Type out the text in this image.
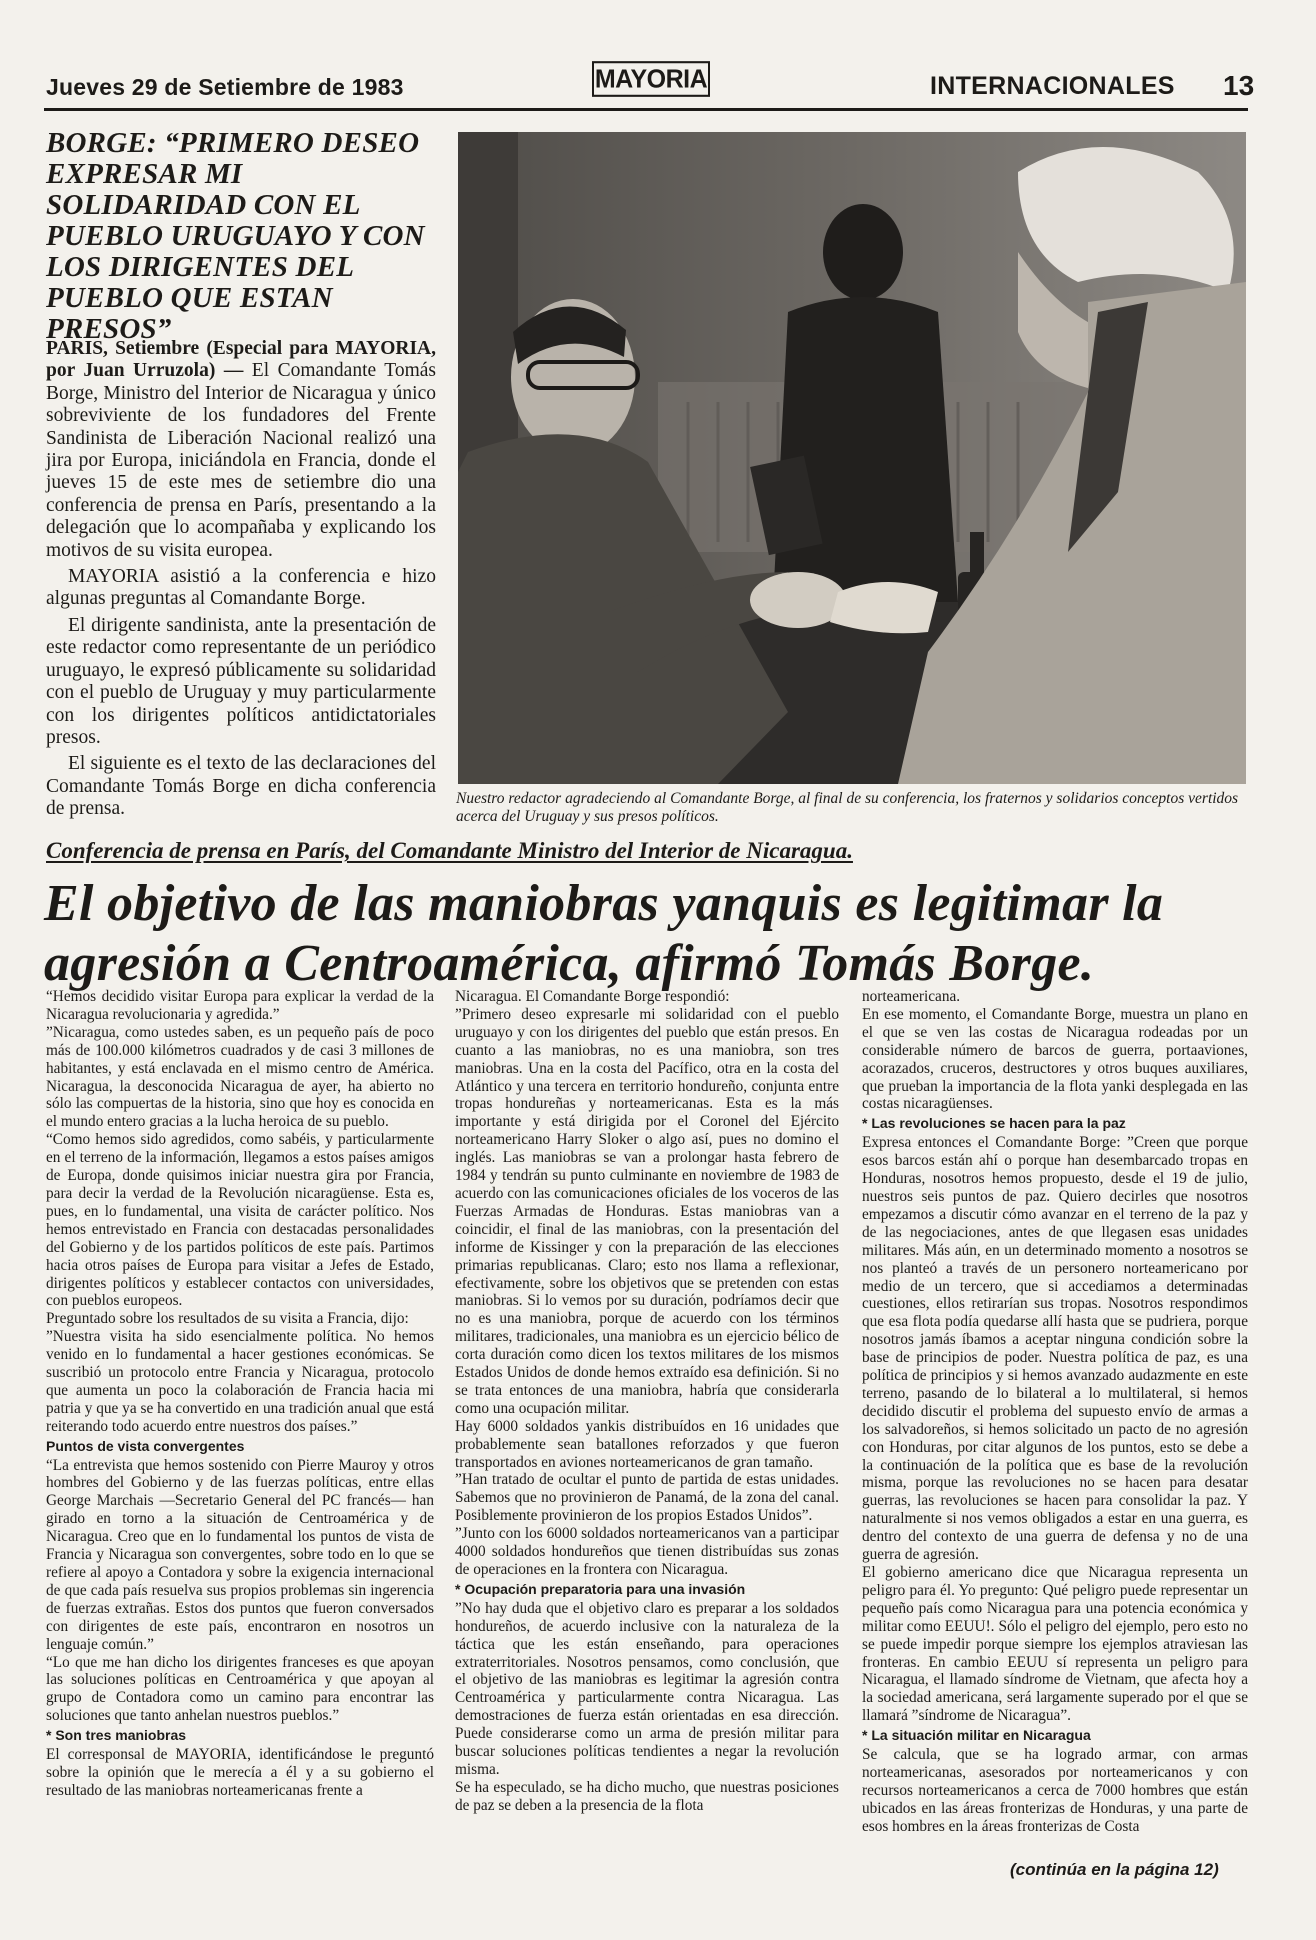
Jueves 29 de Setiembre de 1983	MAYORIA	INTERNACIONALES 13
BORGE: “PRIMERO DESEO EXPRESAR MI SOLIDARIDAD CON EL PUEBLO URUGUAYO Y CON LOS DIRIGENTES DEL PUEBLO QUE ESTAN PRESOS”

PARIS, Setiembre (Especial para MAYORIA, por Juan Urruzola) — El Comandante Tomás Borge, Ministro del Interior de Nicaragua y único sobreviviente de los fundadores del Frente Sandinista de Liberación Nacional realizó una jira por Europa, iniciándola en Francia, donde el jueves 15 de este mes de setiembre dio una conferencia de prensa en París, presentando a la delegación que lo acompañaba y explicando los motivos de su visita europea.

MAYORIA asistió a la conferencia e hizo algunas preguntas al Comandante Borge.

El dirigente sandinista, ante la presentación de este redactor como representante de un periódico uruguayo, le expresó públicamente su solidaridad con el pueblo de Uruguay y muy particularmente con los dirigentes políticos antidictatoriales presos.

El siguiente es el texto de las declaraciones del Comandante Tomás Borge en dicha conferencia de prensa.	Nuestro redactor agradeciendo al Comandante Borge, al final de su conferencia, los fraternos y solidarios conceptos vertidos acerca del Uruguay y sus presos políticos.
Conferencia de prensa en París, del Comandante Ministro del Interior de Nicaragua.
El objetivo de las maniobras yanquis es legitimar la agresión a Centroamérica, afirmó Tomás Borge.

“Hemos decidido visitar Europa para explicar la verdad de la Nicaragua revolucionaria y agredida.”

”Nicaragua, como ustedes saben, es un pequeño país de poco más de 100.000 kilómetros cuadrados y de casi 3 millones de habitantes, y está enclavada en el mismo centro de América. Nicaragua, la desconocida Nicaragua de ayer, ha abierto no sólo las compuertas de la historia, sino que hoy es conocida en el mundo entero gracias a la lucha heroica de su pueblo.

“Como hemos sido agredidos, como sabéis, y particularmente en el terreno de la información, llegamos a estos países amigos de Europa, donde quisimos iniciar nuestra gira por Francia, para decir la verdad de la Revolución nicaragüense. Esta es, pues, en lo fundamental, una visita de carácter político. Nos hemos entrevistado en Francia con destacadas personalidades del Gobierno y de los partidos políticos de este país. Partimos hacia otros países de Europa para visitar a Jefes de Estado, dirigentes políticos y establecer contactos con universidades, con pueblos europeos.

Preguntado sobre los resultados de su visita a Francia, dijo:

”Nuestra visita ha sido esencialmente política. No hemos venido en lo fundamental a hacer gestiones económicas. Se suscribió un protocolo entre Francia y Nicaragua, protocolo que aumenta un poco la colaboración de Francia hacia mi patria y que ya se ha convertido en una tradición anual que está reiterando todo acuerdo entre nuestros dos países.”

Puntos de vista convergentes

“La entrevista que hemos sostenido con Pierre Mauroy y otros hombres del Gobierno y de las fuerzas políticas, entre ellas George Marchais —Secretario General del PC francés— han girado en torno a la situación de Centroamérica y de Nicaragua. Creo que en lo fundamental los puntos de vista de Francia y Nicaragua son convergentes, sobre todo en lo que se refiere al apoyo a Contadora y sobre la exigencia internacional de que cada país resuelva sus propios problemas sin ingerencia de fuerzas extrañas. Estos dos puntos que fueron conversados con dirigentes de este país, encontraron en nosotros un lenguaje común.”

“Lo que me han dicho los dirigentes franceses es que apoyan las soluciones políticas en Centroamérica y que apoyan al grupo de Contadora como un camino para encontrar las soluciones que tanto anhelan nuestros pueblos.”

* Son tres maniobras

El corresponsal de MAYORIA, identificándose le preguntó sobre la opinión que le merecía a él y a su gobierno el resultado de las maniobras norteamericanas frente a

Nicaragua. El Comandante Borge respondió:

”Primero deseo expresarle mi solidaridad con el pueblo uruguayo y con los dirigentes del pueblo que están presos. En cuanto a las maniobras, no es una maniobra, son tres maniobras. Una en la costa del Pacífico, otra en la costa del Atlántico y una tercera en territorio hondureño, conjunta entre tropas hondureñas y norteamericanas. Esta es la más importante y está dirigida por el Coronel del Ejército norteamericano Harry Sloker o algo así, pues no domino el inglés. Las maniobras se van a prolongar hasta febrero de 1984 y tendrán su punto culminante en noviembre de 1983 de acuerdo con las comunicaciones oficiales de los voceros de las Fuerzas Armadas de Honduras. Estas maniobras van a coincidir, el final de las maniobras, con la presentación del informe de Kissinger y con la preparación de las elecciones primarias republicanas. Claro; esto nos llama a reflexionar, efectivamente, sobre los objetivos que se pretenden con estas maniobras. Si lo vemos por su duración, podríamos decir que no es una maniobra, porque de acuerdo con los términos militares, tradicionales, una maniobra es un ejercicio bélico de corta duración como dicen los textos militares de los mismos Estados Unidos de donde hemos extraído esa definición. Si no se trata entonces de una maniobra, habría que considerarla como una ocupación militar.

Hay 6000 soldados yankis distribuídos en 16 unidades que probablemente sean batallones reforzados y que fueron transportados en aviones norteamericanos de gran tamaño.

”Han tratado de ocultar el punto de partida de estas unidades. Sabemos que no provinieron de Panamá, de la zona del canal. Posiblemente provinieron de los propios Estados Unidos”.

”Junto con los 6000 soldados norteamericanos van a participar 4000 soldados hondureños que tienen distribuídas sus zonas de operaciones en la frontera con Nicaragua.

* Ocupación preparatoria para una invasión

”No hay duda que el objetivo claro es preparar a los soldados hondureños, de acuerdo inclusive con la naturaleza de la táctica que les están enseñando, para operaciones extraterritoriales. Nosotros pensamos, como conclusión, que el objetivo de las maniobras es legitimar la agresión contra Centroamérica y particularmente contra Nicaragua. Las demostraciones de fuerza están orientadas en esa dirección. Puede considerarse como un arma de presión militar para buscar soluciones políticas tendientes a negar la revolución misma.

Se ha especulado, se ha dicho mucho, que nuestras posiciones de paz se deben a la presencia de la flota

norteamericana.

En ese momento, el Comandante Borge, muestra un plano en el que se ven las costas de Nicaragua rodeadas por un considerable número de barcos de guerra, portaaviones, acorazados, cruceros, destructores y otros buques auxiliares, que prueban la importancia de la flota yanki desplegada en las costas nicaragüenses.

* Las revoluciones se hacen para la paz

Expresa entonces el Comandante Borge: ”Creen que porque esos barcos están ahí o porque han desembarcado tropas en Honduras, nosotros hemos propuesto, desde el 19 de julio, nuestros seis puntos de paz. Quiero decirles que nosotros empezamos a discutir cómo avanzar en el terreno de la paz y de las negociaciones, antes de que llegasen esas unidades militares. Más aún, en un determinado momento a nosotros se nos planteó a través de un personero norteamericano por medio de un tercero, que si accediamos a determinadas cuestiones, ellos retirarían sus tropas. Nosotros respondimos que esa flota podía quedarse allí hasta que se pudriera, porque nosotros jamás íbamos a aceptar ninguna condición sobre la base de principios de poder. Nuestra política de paz, es una política de principios y si hemos avanzado audazmente en este terreno, pasando de lo bilateral a lo multilateral, si hemos decidido discutir el problema del supuesto envío de armas a los salvadoreños, si hemos solicitado un pacto de no agresión con Honduras, por citar algunos de los puntos, esto se debe a la continuación de la política que es base de la revolución misma, porque las revoluciones no se hacen para desatar guerras, las revoluciones se hacen para consolidar la paz. Y naturalmente si nos vemos obligados a estar en una guerra, es dentro del contexto de una guerra de defensa y no de una guerra de agresión.

El gobierno americano dice que Nicaragua representa un peligro para él. Yo pregunto: Qué peligro puede representar un pequeño país como Nicaragua para una potencia económica y militar como EEUU!. Sólo el peligro del ejemplo, pero esto no se puede impedir porque siempre los ejemplos atraviesan las fronteras. En cambio EEUU sí representa un peligro para Nicaragua, el llamado síndrome de Vietnam, que afecta hoy a la sociedad americana, será largamente superado por el que se llamará ”síndrome de Nicaragua”.

* La situación militar en Nicaragua

Se calcula, que se ha logrado armar, con armas norteamericanas, asesorados por norteamericanos y con recursos norteamericanos a cerca de 7000 hombres que están ubicados en las áreas fronterizas de Honduras, y una parte de esos hombres en la áreas fronterizas de Costa

(continúa en la página 12)
